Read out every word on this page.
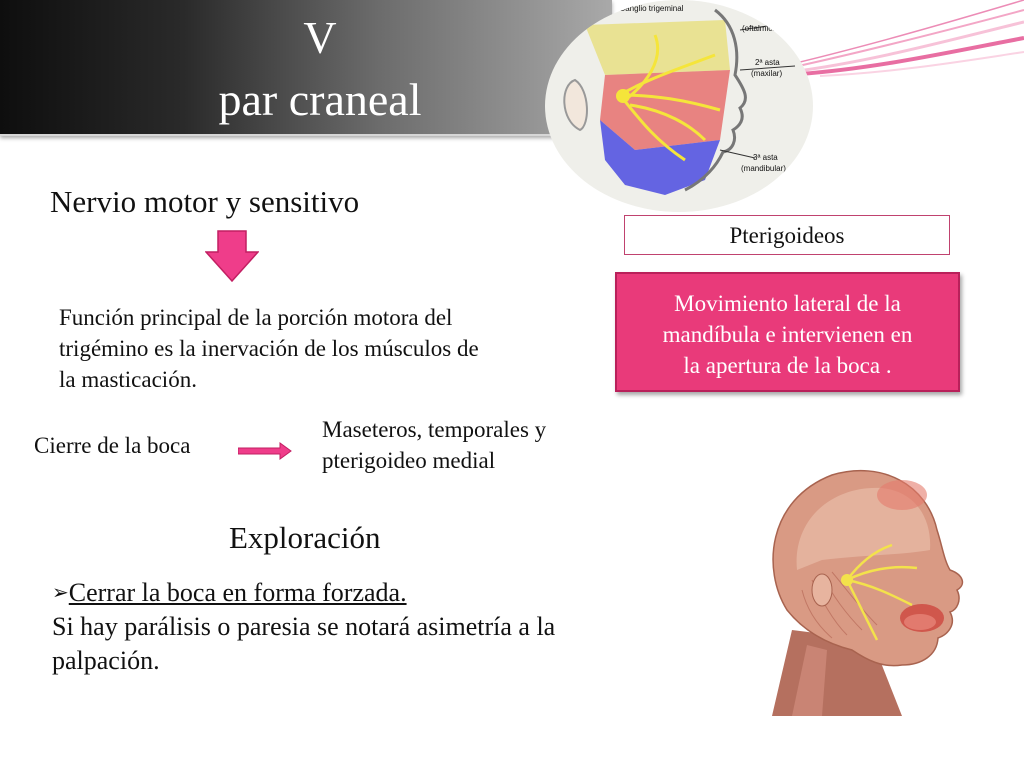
V
par craneal
Ganglio trigeminal
(oftalmica)
2ª asta
(maxilar)
3ª asta
(mandibular)
Nervio motor y sensitivo
Función principal de la porción motora del
trigémino es la inervación de los músculos de
la masticación.
Pterigoideos
Movimiento lateral de la
mandíbula e intervienen en
la apertura de la boca .
Cierre de la boca
Maseteros, temporales y
pterigoideo medial
Exploración
➢Cerrar la boca en forma forzada.
Si hay parálisis o paresia se notará asimetría a la
palpación.
